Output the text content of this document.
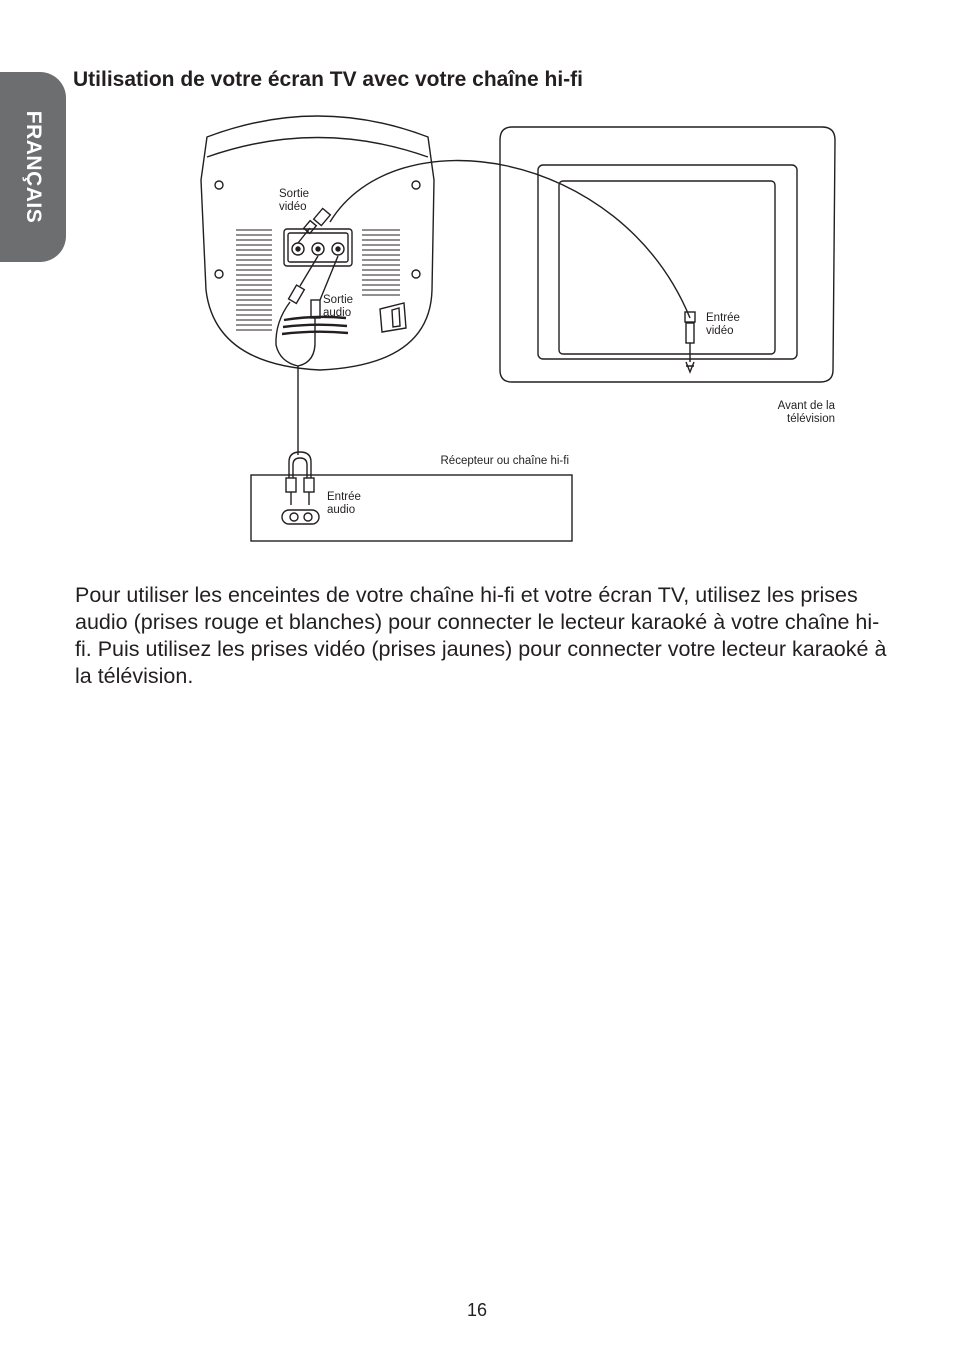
FRANÇAIS
Utilisation de votre écran TV avec votre chaîne hi-fi
Sortie
vidéo
Sortie
audio	Entrée
vidéo
Avant de la
télévision
Récepteur ou chaîne hi-fi
Entrée
audio

Pour utiliser les enceintes de votre chaîne hi-fi et votre écran TV, utilisez les prises audio (prises rouge et blanches) pour connecter le lecteur karaoké à votre chaîne hi-fi. Puis utilisez les prises vidéo (prises jaunes) pour connecter votre lecteur karaoké à la télévision.

16
